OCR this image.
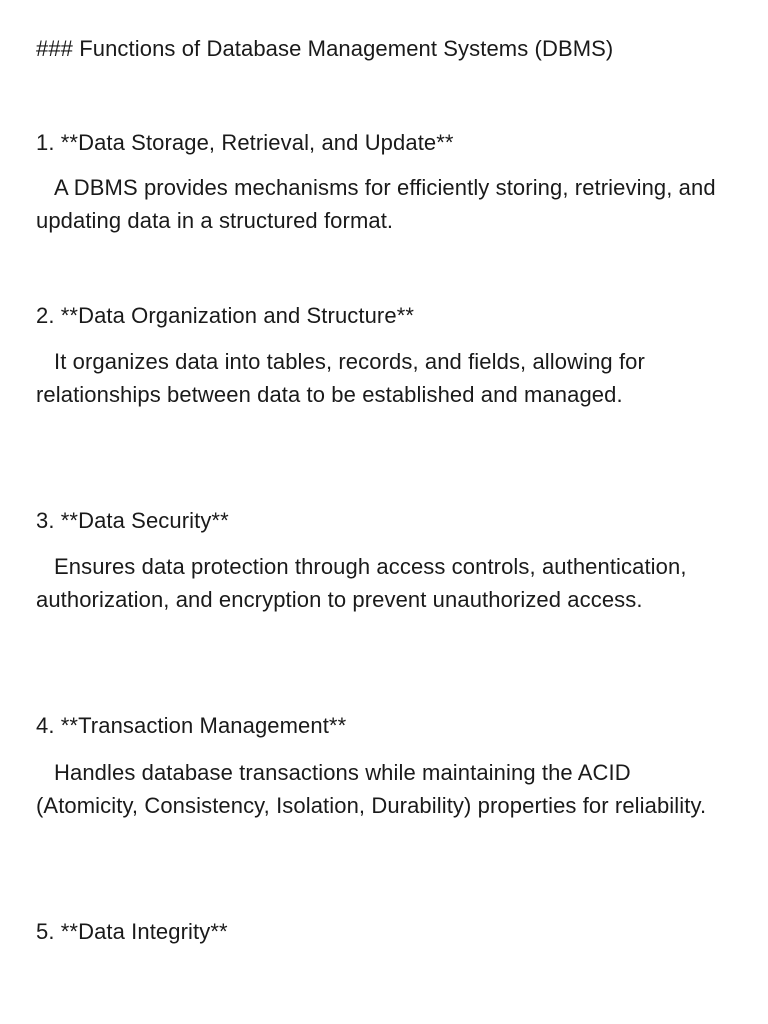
### Functions of Database Management Systems (DBMS)
1. **Data Storage, Retrieval, and Update**
A DBMS provides mechanisms for efficiently storing, retrieving, and updating data in a structured format.
2. **Data Organization and Structure**
It organizes data into tables, records, and fields, allowing for relationships between data to be established and managed.
3. **Data Security**
Ensures data protection through access controls, authentication, authorization, and encryption to prevent unauthorized access.
4. **Transaction Management**
Handles database transactions while maintaining the ACID (Atomicity, Consistency, Isolation, Durability) properties for reliability.
5. **Data Integrity**
